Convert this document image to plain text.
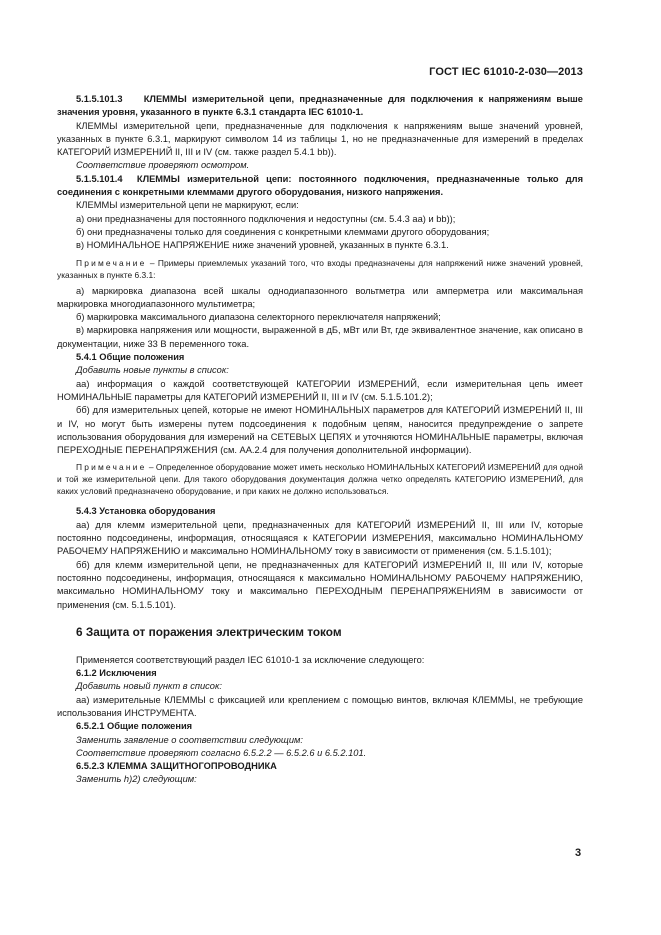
ГОСТ IEC 61010-2-030—2013

5.1.5.101.3 КЛЕММЫ измерительной цепи, предназначенные для подключения к напряжениям выше значения уровня, указанного в пункте 6.3.1 стандарта IEC 61010-1.

КЛЕММЫ измерительной цепи, предназначенные для подключения к напряжениям выше значений уровней, указанных в пункте 6.3.1, маркируют символом 14 из таблицы 1, но не предназначенные для измерений в пределах КАТЕГОРИЙ ИЗМЕРЕНИЙ II, III и IV (см. также раздел 5.4.1 bb)).

Соответствие проверяют осмотром.

5.1.5.101.4 КЛЕММЫ измерительной цепи: постоянного подключения, предназначенные только для соединения с конкретными клеммами другого оборудования, низкого напряжения.

КЛЕММЫ измерительной цепи не маркируют, если:

а) они предназначены для постоянного подключения и недоступны (см. 5.4.3 аа) и bb));

б) они предназначены только для соединения с конкретными клеммами другого оборудования;

в) НОМИНАЛЬНОЕ НАПРЯЖЕНИЕ ниже значений уровней, указанных в пункте 6.3.1.

Примечание – Примеры приемлемых указаний того, что входы предназначены для напряжений ниже значений уровней, указанных в пункте 6.3.1:

а) маркировка диапазона всей шкалы однодиапазонного вольтметра или амперметра или максимальная маркировка многодиапазонного мультиметра;

б) маркировка максимального диапазона селекторного переключателя напряжений;

в) маркировка напряжения или мощности, выраженной в дБ, мВт или Вт, где эквивалентное значение, как описано в документации, ниже 33 В переменного тока.

5.4.1 Общие положения

Добавить новые пункты в список:

аа) информация о каждой соответствующей КАТЕГОРИИ ИЗМЕРЕНИЙ, если измерительная цепь имеет НОМИНАЛЬНЫЕ параметры для КАТЕГОРИЙ ИЗМЕРЕНИЙ II, III и IV (см. 5.1.5.101.2);

бб) для измерительных цепей, которые не имеют НОМИНАЛЬНЫХ параметров для КАТЕГОРИЙ ИЗМЕРЕНИЙ II, III и IV, но могут быть измерены путем подсоединения к подобным цепям, наносится предупреждение о запрете использования оборудования для измерений на СЕТЕВЫХ ЦЕПЯХ и уточняются НОМИНАЛЬНЫЕ параметры, включая ПЕРЕХОДНЫЕ ПЕРЕНАПРЯЖЕНИЯ (см. AA.2.4 для получения дополнительной информации).

Примечание – Определенное оборудование может иметь несколько НОМИНАЛЬНЫХ КАТЕГОРИЙ ИЗМЕРЕНИЙ для одной и той же измерительной цепи. Для такого оборудования документация должна четко определять КАТЕГОРИЮ ИЗМЕРЕНИЙ, для каких условий предназначено оборудование, и при каких не должно использоваться.

5.4.3 Установка оборудования

аа) для клемм измерительной цепи, предназначенных для КАТЕГОРИЙ ИЗМЕРЕНИЙ II, III или IV, которые постоянно подсоединены, информация, относящаяся к КАТЕГОРИИ ИЗМЕРЕНИЯ, максимально НОМИНАЛЬНОМУ РАБОЧЕМУ НАПРЯЖЕНИЮ и максимально НОМИНАЛЬНОМУ току в зависимости от применения (см. 5.1.5.101);

бб) для клемм измерительной цепи, не предназначенных для КАТЕГОРИЙ ИЗМЕРЕНИЙ II, III или IV, которые постоянно подсоединены, информация, относящаяся к максимально НОМИНАЛЬНОМУ РАБОЧЕМУ НАПРЯЖЕНИЮ, максимально НОМИНАЛЬНОМУ току и максимально ПЕРЕХОДНЫМ ПЕРЕНАПРЯЖЕНИЯМ в зависимости от применения (см. 5.1.5.101).

6 Защита от поражения электрическим током

Применяется соответствующий раздел IEC 61010-1 за исключение следующего:

6.1.2 Исключения

Добавить новый пункт в список:

аа) измерительные КЛЕММЫ с фиксацией или креплением с помощью винтов, включая КЛЕММЫ, не требующие использования ИНСТРУМЕНТА.

6.5.2.1 Общие положения

Заменить заявление о соответствии следующим:

Соответствие проверяют согласно 6.5.2.2 — 6.5.2.6 и 6.5.2.101.

6.5.2.3 КЛЕММА ЗАЩИТНОГОПРОВОДНИКА

Заменить h)2) следующим:

3
